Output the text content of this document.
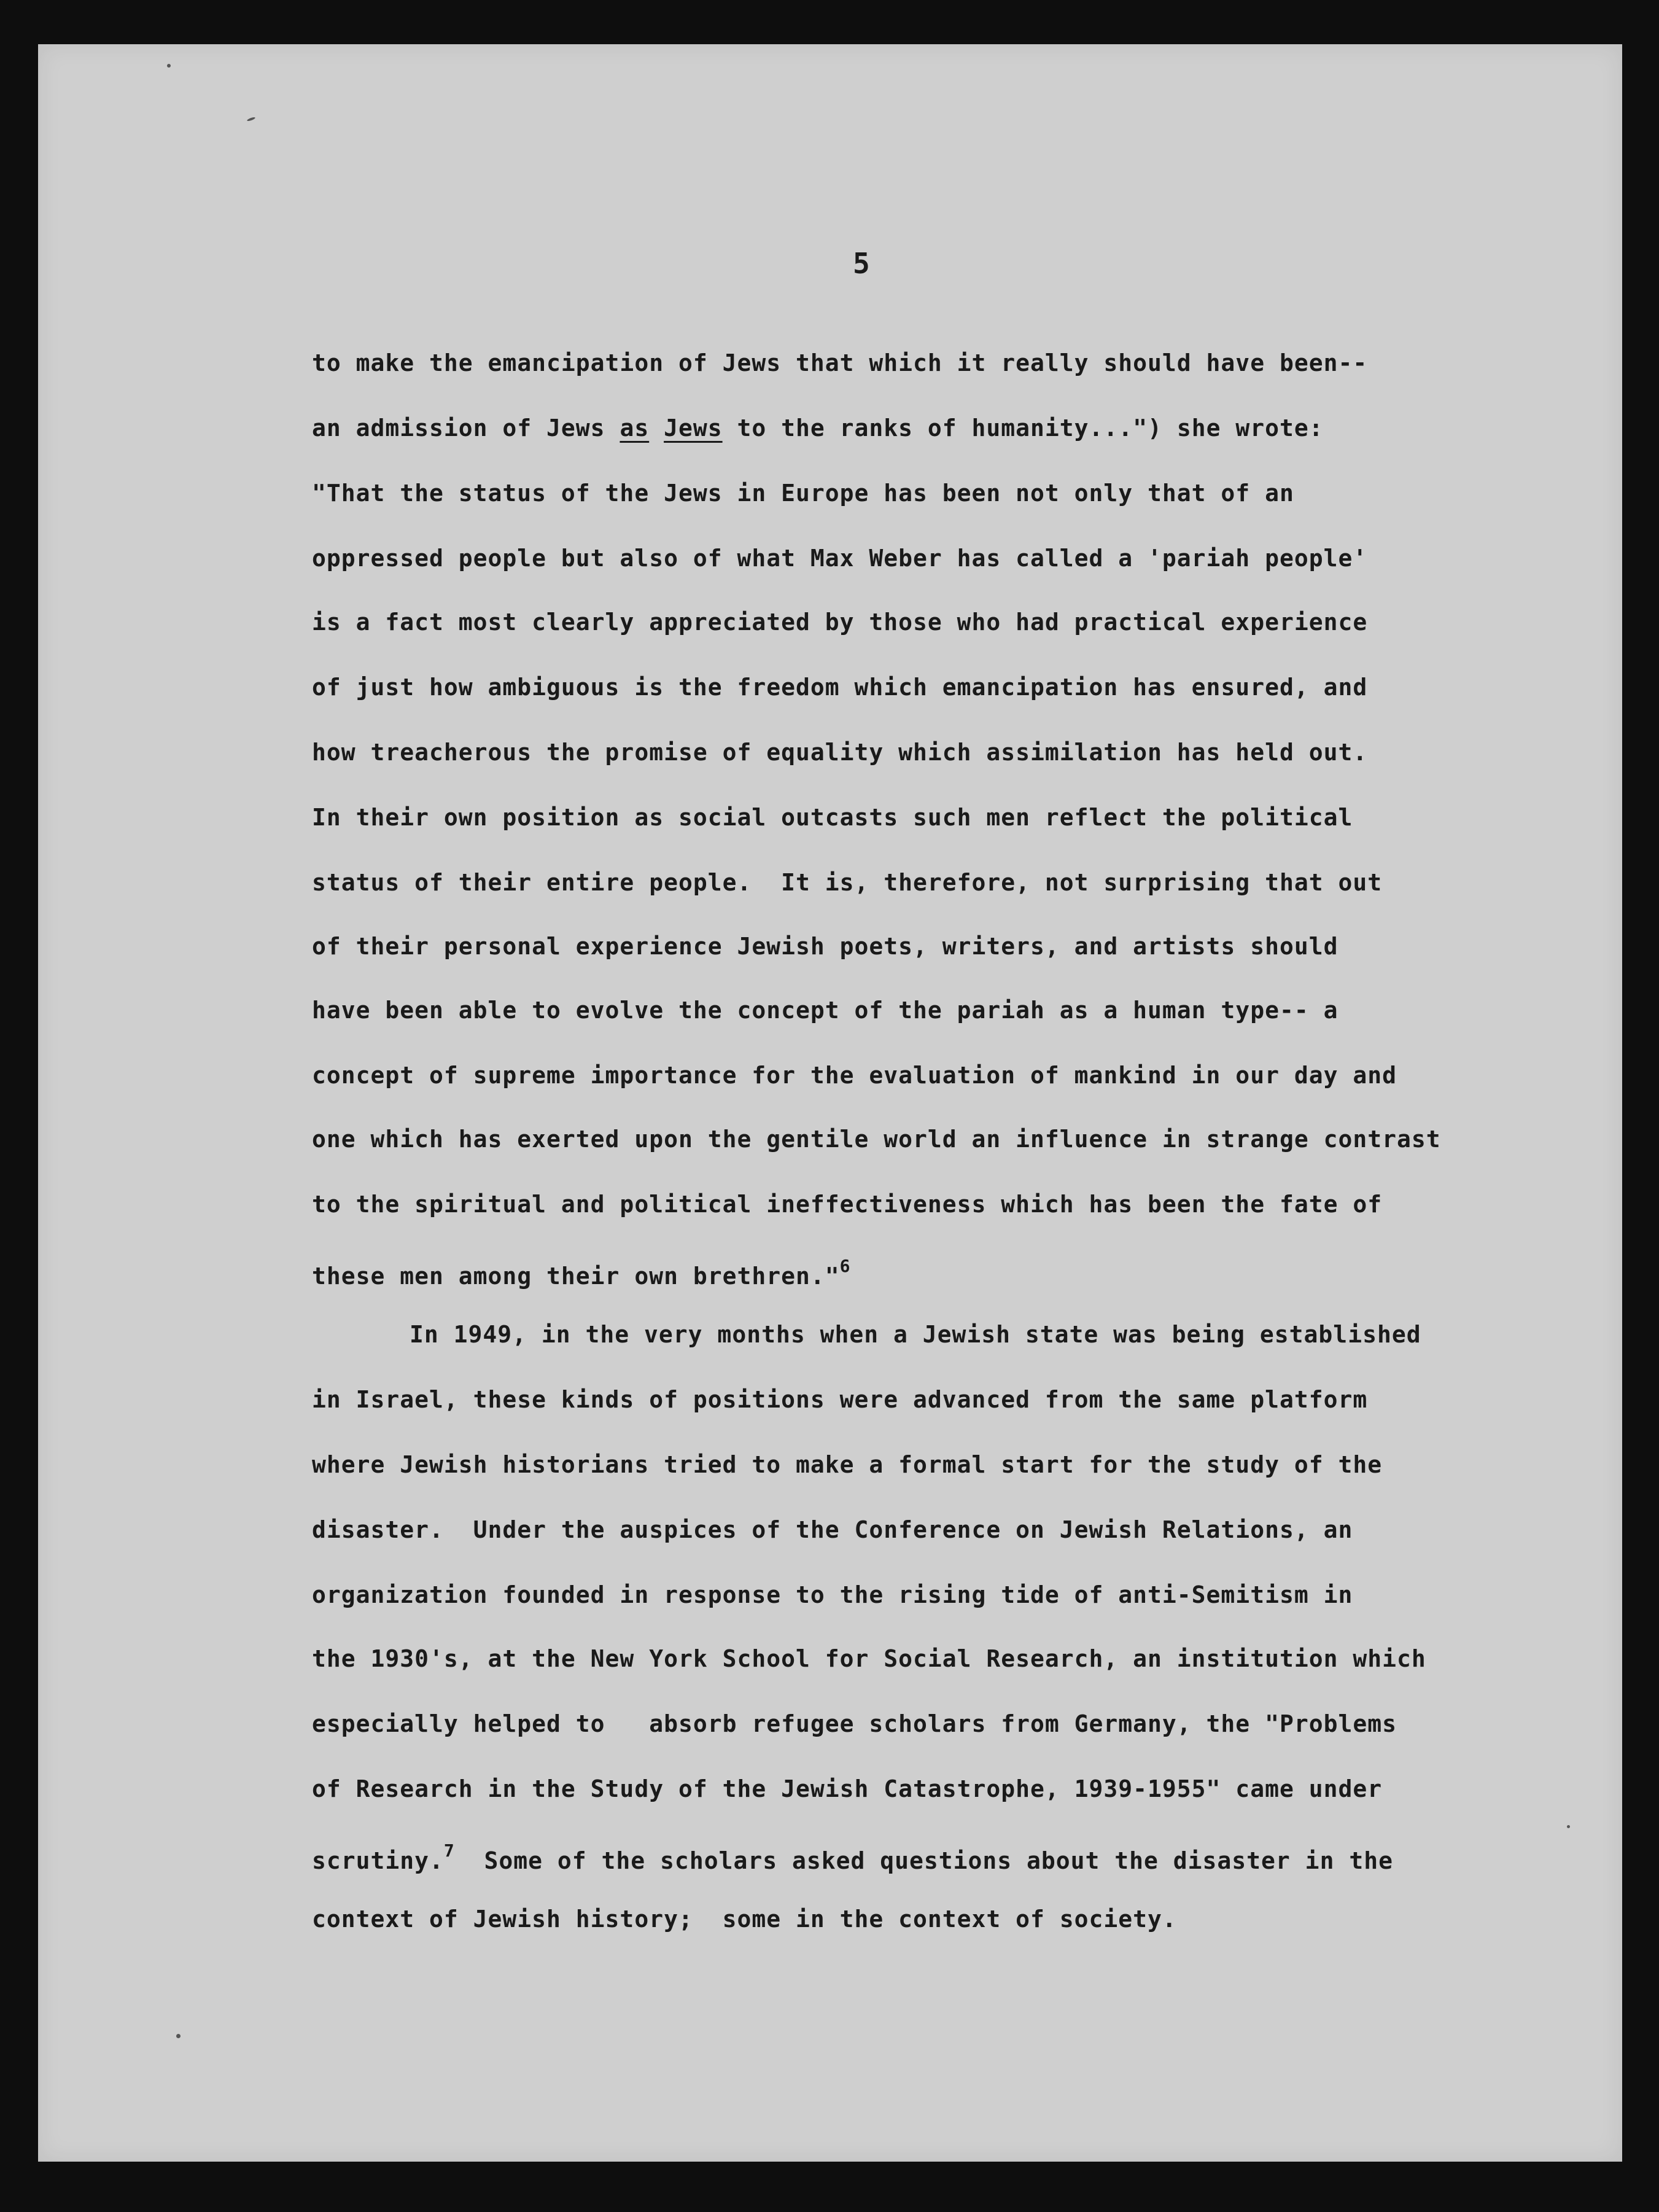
5
to make the emancipation of Jews that which it really should have been--
an admission of Jews as Jews to the ranks of humanity...") she wrote:
"That the status of the Jews in Europe has been not only that of an
oppressed people but also of what Max Weber has called a 'pariah people'
is a fact most clearly appreciated by those who had practical experience
of just how ambiguous is the freedom which emancipation has ensured, and
how treacherous the promise of equality which assimilation has held out.
In their own position as social outcasts such men reflect the political
status of their entire people.  It is, therefore, not surprising that out
of their personal experience Jewish poets, writers, and artists should
have been able to evolve the concept of the pariah as a human type-- a
concept of supreme importance for the evaluation of mankind in our day and
one which has exerted upon the gentile world an influence in strange contrast
to the spiritual and political ineffectiveness which has been the fate of
these men among their own brethren."$^6$
In 1949, in the very months when a Jewish state was being established
in Israel, these kinds of positions were advanced from the same platform
where Jewish historians tried to make a formal start for the study of the
disaster.  Under the auspices of the Conference on Jewish Relations, an
organization founded in response to the rising tide of anti-Semitism in
the 1930's, at the New York School for Social Research, an institution which
especially helped to   absorb refugee scholars from Germany, the "Problems
of Research in the Study of the Jewish Catastrophe, 1939-1955" came under
scrutiny.$^7$  Some of the scholars asked questions about the disaster in the
context of Jewish history;  some in the context of society.
